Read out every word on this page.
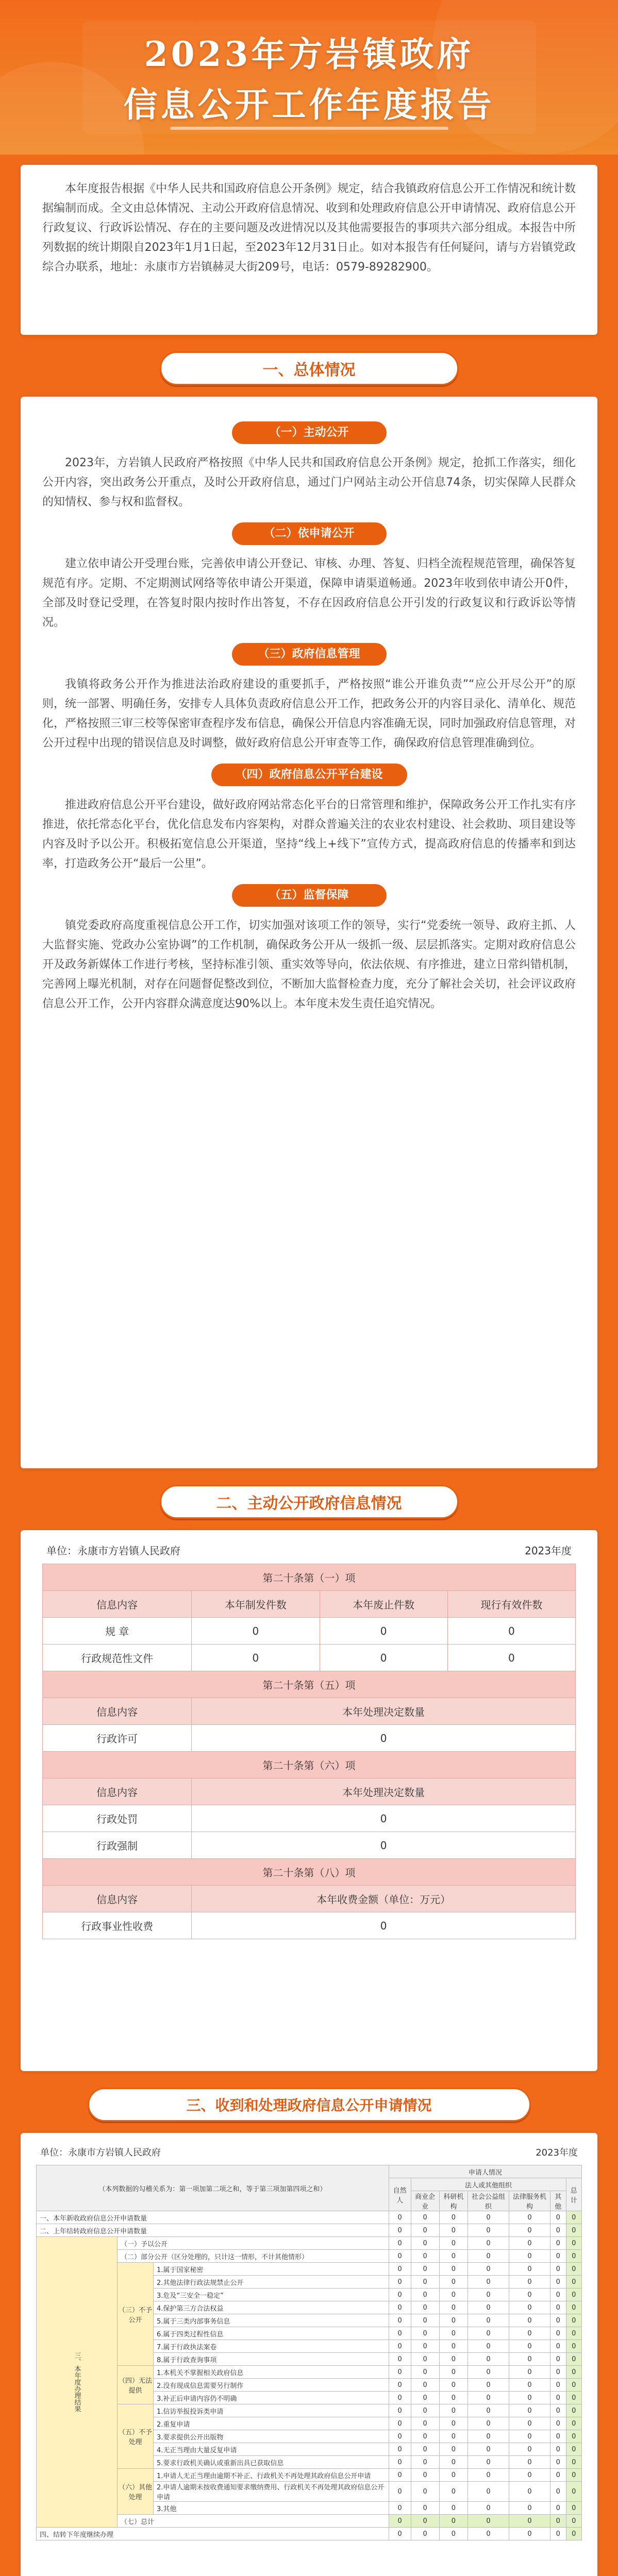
2023年方岩镇政府
信息公开工作年度报告

本年度报告根据《中华人民共和国政府信息公开条例》规定，结合我镇政府信息公开工作情况和统计数据编制而成。全文由总体情况、主动公开政府信息情况、收到和处理政府信息公开申请情况、政府信息公开行政复议、行政诉讼情况、存在的主要问题及改进情况以及其他需要报告的事项共六部分组成。本报告中所列数据的统计期限自2023年1月1日起，至2023年12月31日止。如对本报告有任何疑问，请与方岩镇党政综合办联系，地址：永康市方岩镇赫灵大街209号，电话：0579-89282900。

一、总体情况
（一）主动公开

2023年，方岩镇人民政府严格按照《中华人民共和国政府信息公开条例》规定，抢抓工作落实，细化公开内容，突出政务公开重点，及时公开政府信息，通过门户网站主动公开信息74条，切实保障人民群众的知情权、参与权和监督权。

（二）依申请公开

建立依申请公开受理台账，完善依申请公开登记、审核、办理、答复、归档全流程规范管理，确保答复规范有序。定期、不定期测试网络等依申请公开渠道，保障申请渠道畅通。2023年收到依申请公开0件，全部及时登记受理，在答复时限内按时作出答复，不存在因政府信息公开引发的行政复议和行政诉讼等情况。

（三）政府信息管理

我镇将政务公开作为推进法治政府建设的重要抓手，严格按照“谁公开谁负责”“应公开尽公开”的原则，统一部署、明确任务，安排专人具体负责政府信息公开工作，把政务公开的内容目录化、清单化、规范化，严格按照三审三校等保密审查程序发布信息，确保公开信息内容准确无误，同时加强政府信息管理，对公开过程中出现的错误信息及时调整，做好政府信息公开审查等工作，确保政府信息管理准确到位。

（四）政府信息公开平台建设

推进政府信息公开平台建设，做好政府网站常态化平台的日常管理和维护，保障政务公开工作扎实有序推进，依托常态化平台，优化信息发布内容架构，对群众普遍关注的农业农村建设、社会救助、项目建设等内容及时予以公开。积极拓宽信息公开渠道，坚持“线上+线下”宣传方式，提高政府信息的传播率和到达率，打造政务公开“最后一公里”。

（五）监督保障

镇党委政府高度重视信息公开工作，切实加强对该项工作的领导，实行“党委统一领导、政府主抓、人大监督实施、党政办公室协调”的工作机制，确保政务公开从一级抓一级、层层抓落实。定期对政府信息公开及政务新媒体工作进行考核，坚持标准引领、重实效等导向，依法依规、有序推进，建立日常纠错机制，完善网上曝光机制，对存在问题督促整改到位，不断加大监督检查力度，充分了解社会关切，社会评议政府信息公开工作，公开内容群众满意度达90%以上。本年度未发生责任追究情况。

二、主动公开政府信息情况
单位：永康市方岩镇人民政府	2023年度
第二十条第（一）项			
信息内容	本年制发件数	本年废止件数	现行有效件数
规 章	0	0	0
行政规范性文件	0	0	0
第二十条第（五）项			
信息内容	本年处理决定数量		
行政许可	0		
第二十条第（六）项			
信息内容	本年处理决定数量		
行政处罚	0		
行政强制	0		
第二十条第（八）项			
信息内容	本年收费金额（单位：万元）		
行政事业性收费	0		
三、收到和处理政府信息公开申请情况
单位：永康市方岩镇人民政府	2023年度
（本列数据的勾稽关系为：第一项加第二项之和，等于第三项加第四项之和）			申请人情况						
			自然人	法人或其他组织					总计
				商业企业	科研机构	社会公益组织	法律服务机构	其他	
一、本年新收政府信息公开申请数量			0	0	0	0	0	0	0
二、上年结转政府信息公开申请数量			0	0	0	0	0	0	0
三、本年度办理结果	（一）予以公开		0	0	0	0	0	0	0
	（二）部分公开（区分处理的，只计这一情形，不计其他情形）		0	0	0	0	0	0	0
	（三）不予公开	1.属于国家秘密	0	0	0	0	0	0	0
		2.其他法律行政法规禁止公开	0	0	0	0	0	0	0
		3.危及“三安全一稳定”	0	0	0	0	0	0	0
		4.保护第三方合法权益	0	0	0	0	0	0	0
		5.属于三类内部事务信息	0	0	0	0	0	0	0
		6.属于四类过程性信息	0	0	0	0	0	0	0
		7.属于行政执法案卷	0	0	0	0	0	0	0
		8.属于行政查询事项	0	0	0	0	0	0	0
	（四）无法提供	1.本机关不掌握相关政府信息	0	0	0	0	0	0	0
		2.没有现成信息需要另行制作	0	0	0	0	0	0	0
		3.补正后申请内容仍不明确	0	0	0	0	0	0	0
	（五）不予处理	1.信访举报投诉类申请	0	0	0	0	0	0	0
		2.重复申请	0	0	0	0	0	0	0
		3.要求提供公开出版物	0	0	0	0	0	0	0
		4.无正当理由大量反复申请	0	0	0	0	0	0	0
		5.要求行政机关确认或重新出具已获取信息	0	0	0	0	0	0	0
	（六）其他处理	1.申请人无正当理由逾期不补正、行政机关不再处理其政府信息公开申请	0	0	0	0	0	0	0
		2.申请人逾期未按收费通知要求缴纳费用、行政机关不再处理其政府信息公开申请	0	0	0	0	0	0	0
		3.其他	0	0	0	0	0	0	0
	（七）总计		0	0	0	0	0	0	0
四、结转下年度继续办理			0	0	0	0	0	0	0
